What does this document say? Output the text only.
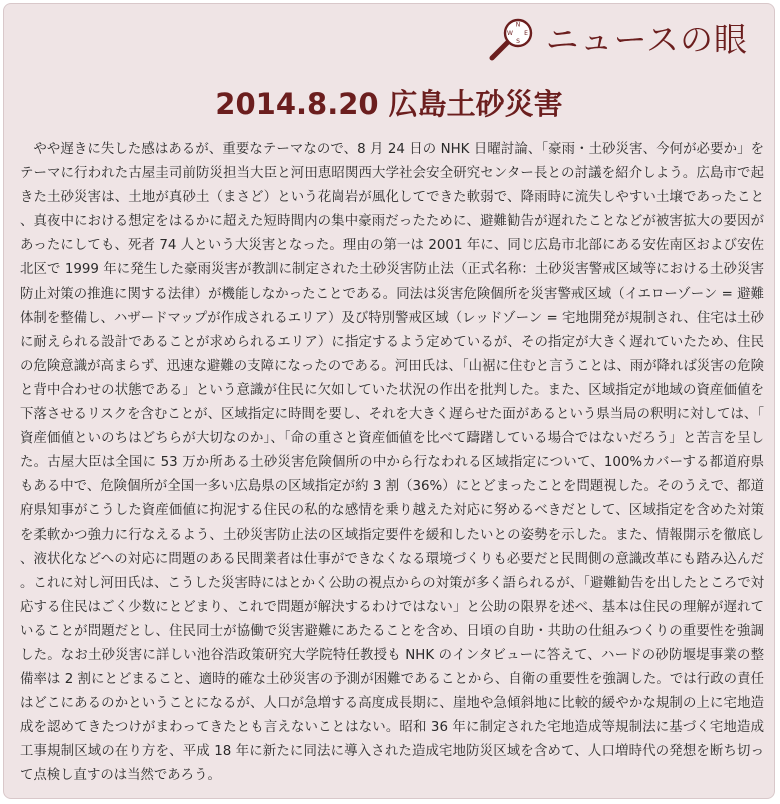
N
E
W
S ニュースの眼
2014.8.20 広島土砂災害

やや遅きに失した感はあるが、重要なテーマなので、8 月 24 日の NHK 日曜討論、「豪雨・土砂災害、今何が必要か」をテーマに行われた古屋圭司前防災担当大臣と河田恵昭関西大学社会安全研究センター長との討議を紹介しよう。広島市で起きた土砂災害は、土地が真砂土（まさど）という花崗岩が風化してできた軟弱で、降雨時に流失しやすい土壌であったこと、真夜中における想定をはるかに超えた短時間内の集中豪雨だったために、避難勧告が遅れたことなどが被害拡大の要因があったにしても、死者 74 人という大災害となった。理由の第一は 2001 年に、同じ広島市北部にある安佐南区および安佐北区で 1999 年に発生した豪雨災害が教訓に制定された土砂災害防止法（正式名称：土砂災害警戒区域等における土砂災害防止対策の推進に関する法律）が機能しなかったことである。同法は災害危険個所を災害警戒区域（イエローゾーン = 避難体制を整備し、ハザードマップが作成されるエリア）及び特別警戒区域（レッドゾーン = 宅地開発が規制され、住宅は土砂に耐えられる設計であることが求められるエリア）に指定するよう定めているが、その指定が大きく遅れていたため、住民の危険意識が高まらず、迅速な避難の支障になったのである。河田氏は、「山裾に住むと言うことは、雨が降れば災害の危険と背中合わせの状態である」という意識が住民に欠如していた状況の作出を批判した。また、区域指定が地域の資産価値を下落させるリスクを含むことが、区域指定に時間を要し、それを大きく遅らせた面があるという県当局の釈明に対しては、「資産価値といのちはどちらが大切なのか」、「命の重さと資産価値を比べて躊躇している場合ではないだろう」と苦言を呈した。古屋大臣は全国に 53 万か所ある土砂災害危険個所の中から行なわれる区域指定について、100%カバーする都道府県もある中で、危険個所が全国一多い広島県の区域指定が約 3 割（36%）にとどまったことを問題視した。そのうえで、都道府県知事がこうした資産価値に拘泥する住民の私的な感情を乗り越えた対応に努めるべきだとして、区域指定を含めた対策を柔軟かつ強力に行なえるよう、土砂災害防止法の区域指定要件を緩和したいとの姿勢を示した。また、情報開示を徹底し、液状化などへの対応に問題のある民間業者は仕事ができなくなる環境づくりも必要だと民間側の意識改革にも踏み込んだ。これに対し河田氏は、こうした災害時にはとかく公助の視点からの対策が多く語られるが、「避難勧告を出したところで対応する住民はごく少数にとどまり、これで問題が解決するわけではない」と公助の限界を述べ、基本は住民の理解が遅れていることが問題だとし、住民同士が協働で災害避難にあたることを含め、日頃の自助・共助の仕組みつくりの重要性を強調した。なお土砂災害に詳しい池谷浩政策研究大学院特任教授も NHK のインタビューに答えて、ハードの砂防堰堤事業の整備率は 2 割にとどまること、適時的確な土砂災害の予測が困難であることから、自衛の重要性を強調した。では行政の責任はどこにあるのかということになるが、人口が急増する高度成長期に、崖地や急傾斜地に比較的緩やかな規制の上に宅地造成を認めてきたつけがまわってきたとも言えないことはない。昭和 36 年に制定された宅地造成等規制法に基づく宅地造成工事規制区域の在り方を、平成 18 年に新たに同法に導入された造成宅地防災区域を含めて、人口増時代の発想を断ち切って点検し直すのは当然であろう。
